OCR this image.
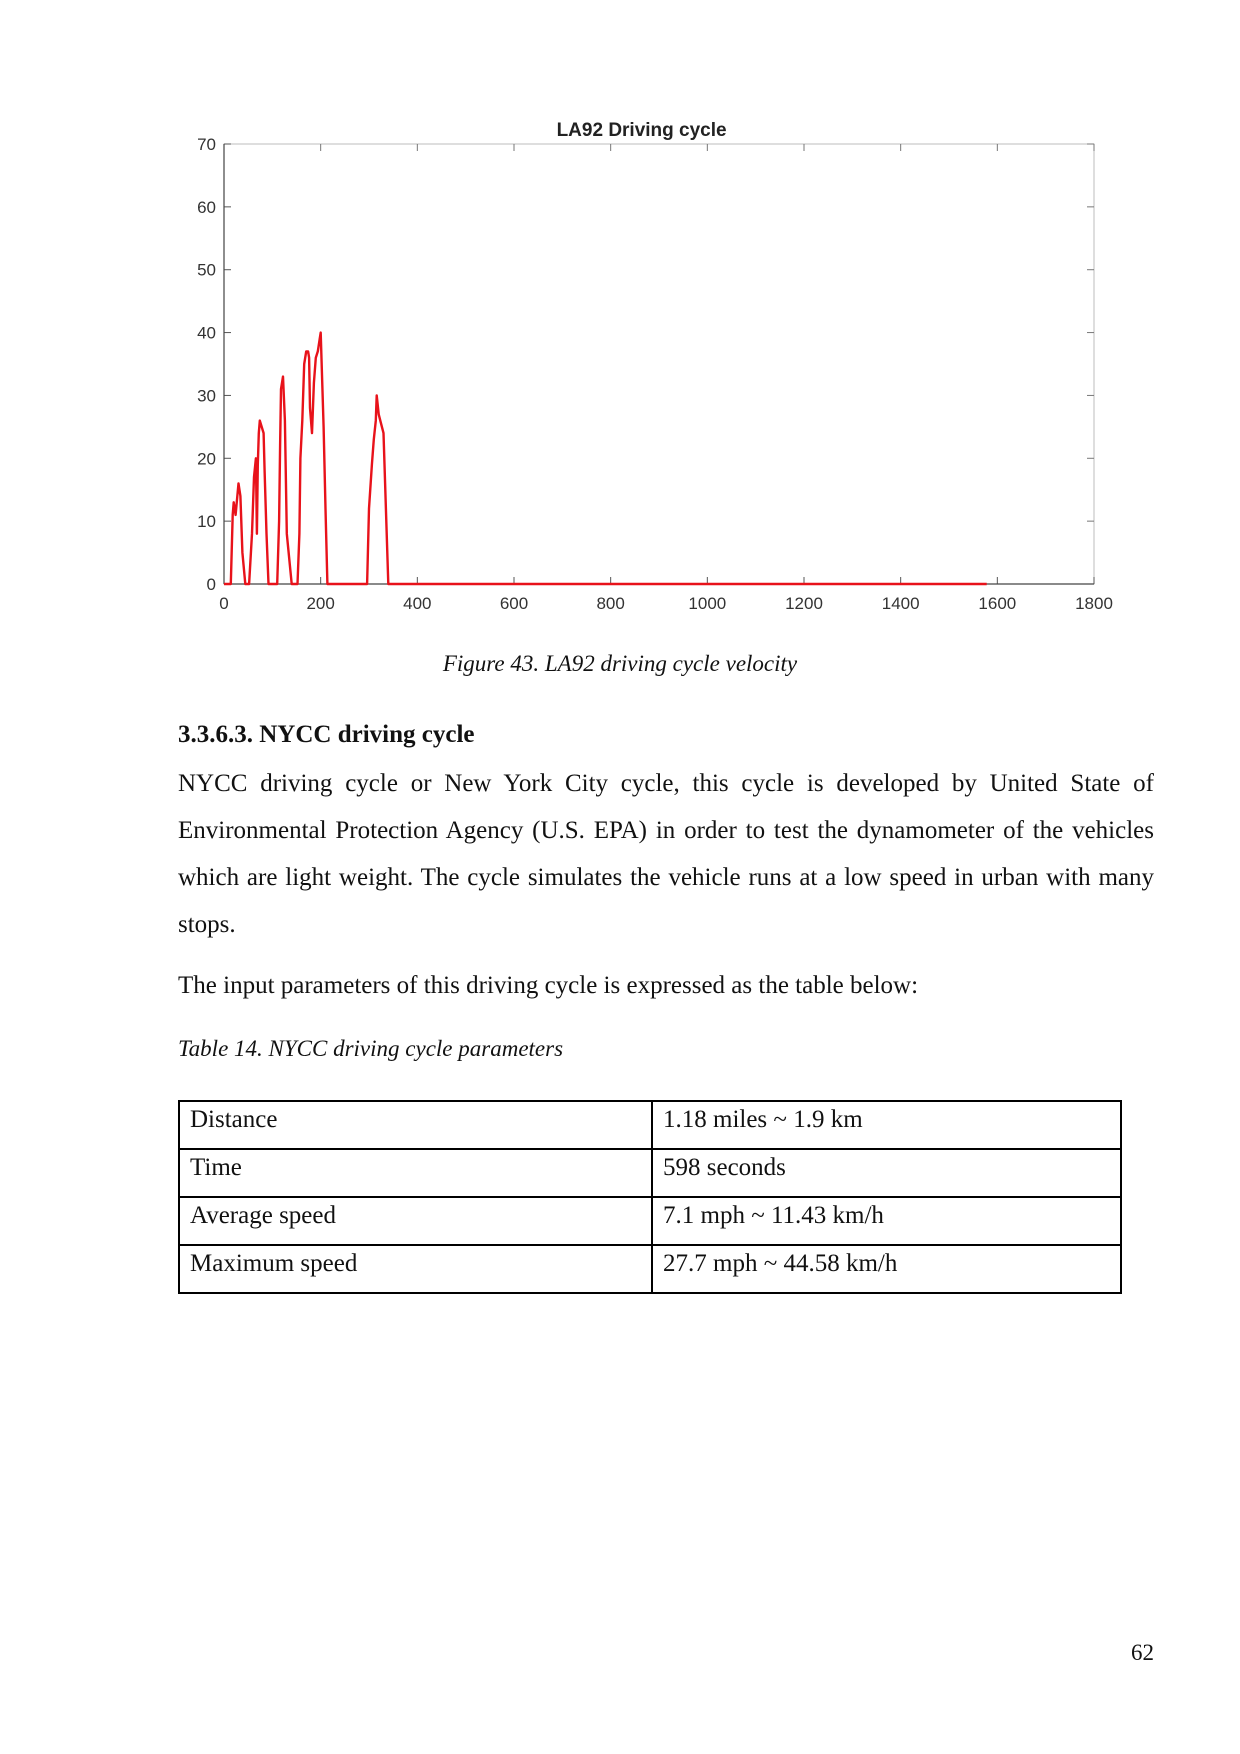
0	200	400	600	800	1000	1200	1400	1600	1800
0
10
20
30
40
50
60
70
LA92 Driving cycle
Figure 43. LA92 driving cycle velocity
3.3.6.3. NYCC driving cycle

NYCC driving cycle or New York City cycle, this cycle is developed by United State of Environmental Protection Agency (U.S. EPA) in order to test the dynamometer of the vehicles which are light weight. The cycle simulates the vehicle runs at a low speed in urban with many stops.

The input parameters of this driving cycle is expressed as the table below:

Table 14. NYCC driving cycle parameters
Distance	1.18 miles ~ 1.9 km
Time	598 seconds
Average speed	7.1 mph ~ 11.43 km/h
Maximum speed	27.7 mph ~ 44.58 km/h
62
